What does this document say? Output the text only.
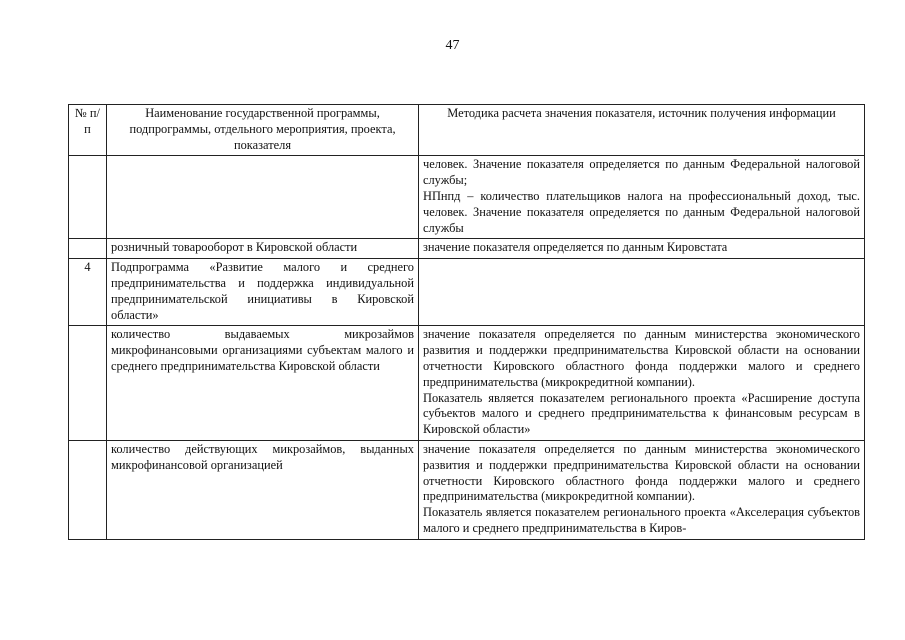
47
№ п/п	Наименование государственной программы, подпрограммы, отдельного мероприятия, проекта, показателя	Методика расчета значения показателя, источник получения информации

		человек. Значение показателя определяется по данным Федеральной налоговой службы;
НПнпд – количество плательщиков налога на профессиональный доход, тыс. человек. Значение показателя определяется по данным Федеральной налоговой службы

	розничный товарооборот в Кировской области	значение показателя определяется по данным Кировстата

4	Подпрограмма «Развитие малого и среднего предпринимательства и поддержка индивидуальной предпринимательской инициативы в Кировской области»	
	количество выдаваемых микрозаймов микрофинансовыми организациями субъектам малого и среднего предпринимательства Кировской области	значение показателя определяется по данным министерства экономического развития и поддержки предпринимательства Кировской области на основании отчетности Кировского областного фонда поддержки малого и среднего предпринимательства (микрокредитной компании).
Показатель является показателем регионального проекта «Расширение доступа субъектов малого и среднего предпринимательства к финансовым ресурсам в Кировской области»

	количество действующих микрозаймов, выданных микрофинансовой организацией	значение показателя определяется по данным министерства экономического развития и поддержки предпринимательства Кировской области на основании отчетности Кировского областного фонда поддержки малого и среднего предпринимательства (микрокредитной компании).
Показатель является показателем регионального проекта «Акселерация субъектов малого и среднего предпринимательства в Киров-
